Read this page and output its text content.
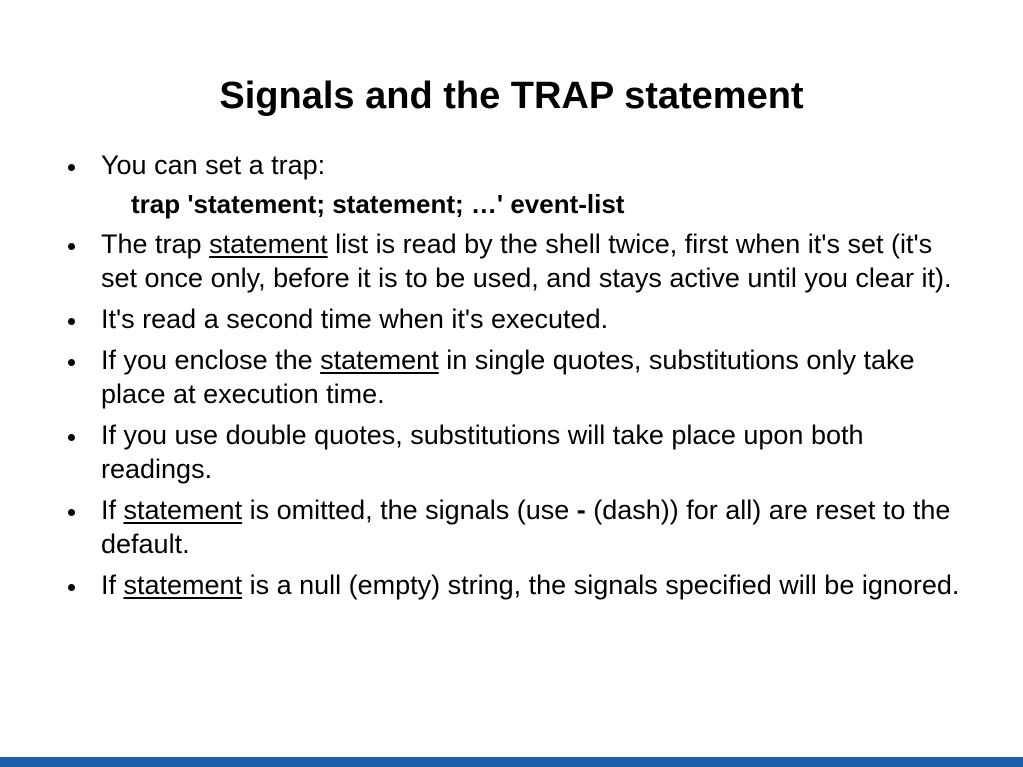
Signals and the TRAP statement
You can set a trap:
trap 'statement; statement; …' event-list
The trap statement list is read by the shell twice, first when it's set (it's set once only, before it is to be used, and stays active until you clear it).
It's read a second time when it's executed.
If you enclose the statement in single quotes, substitutions only take place at execution time.
If you use double quotes, substitutions will take place upon both readings.
If statement is omitted, the signals (use - (dash)) for all) are reset to the default.
If statement is a null (empty) string, the signals specified will be ignored.
